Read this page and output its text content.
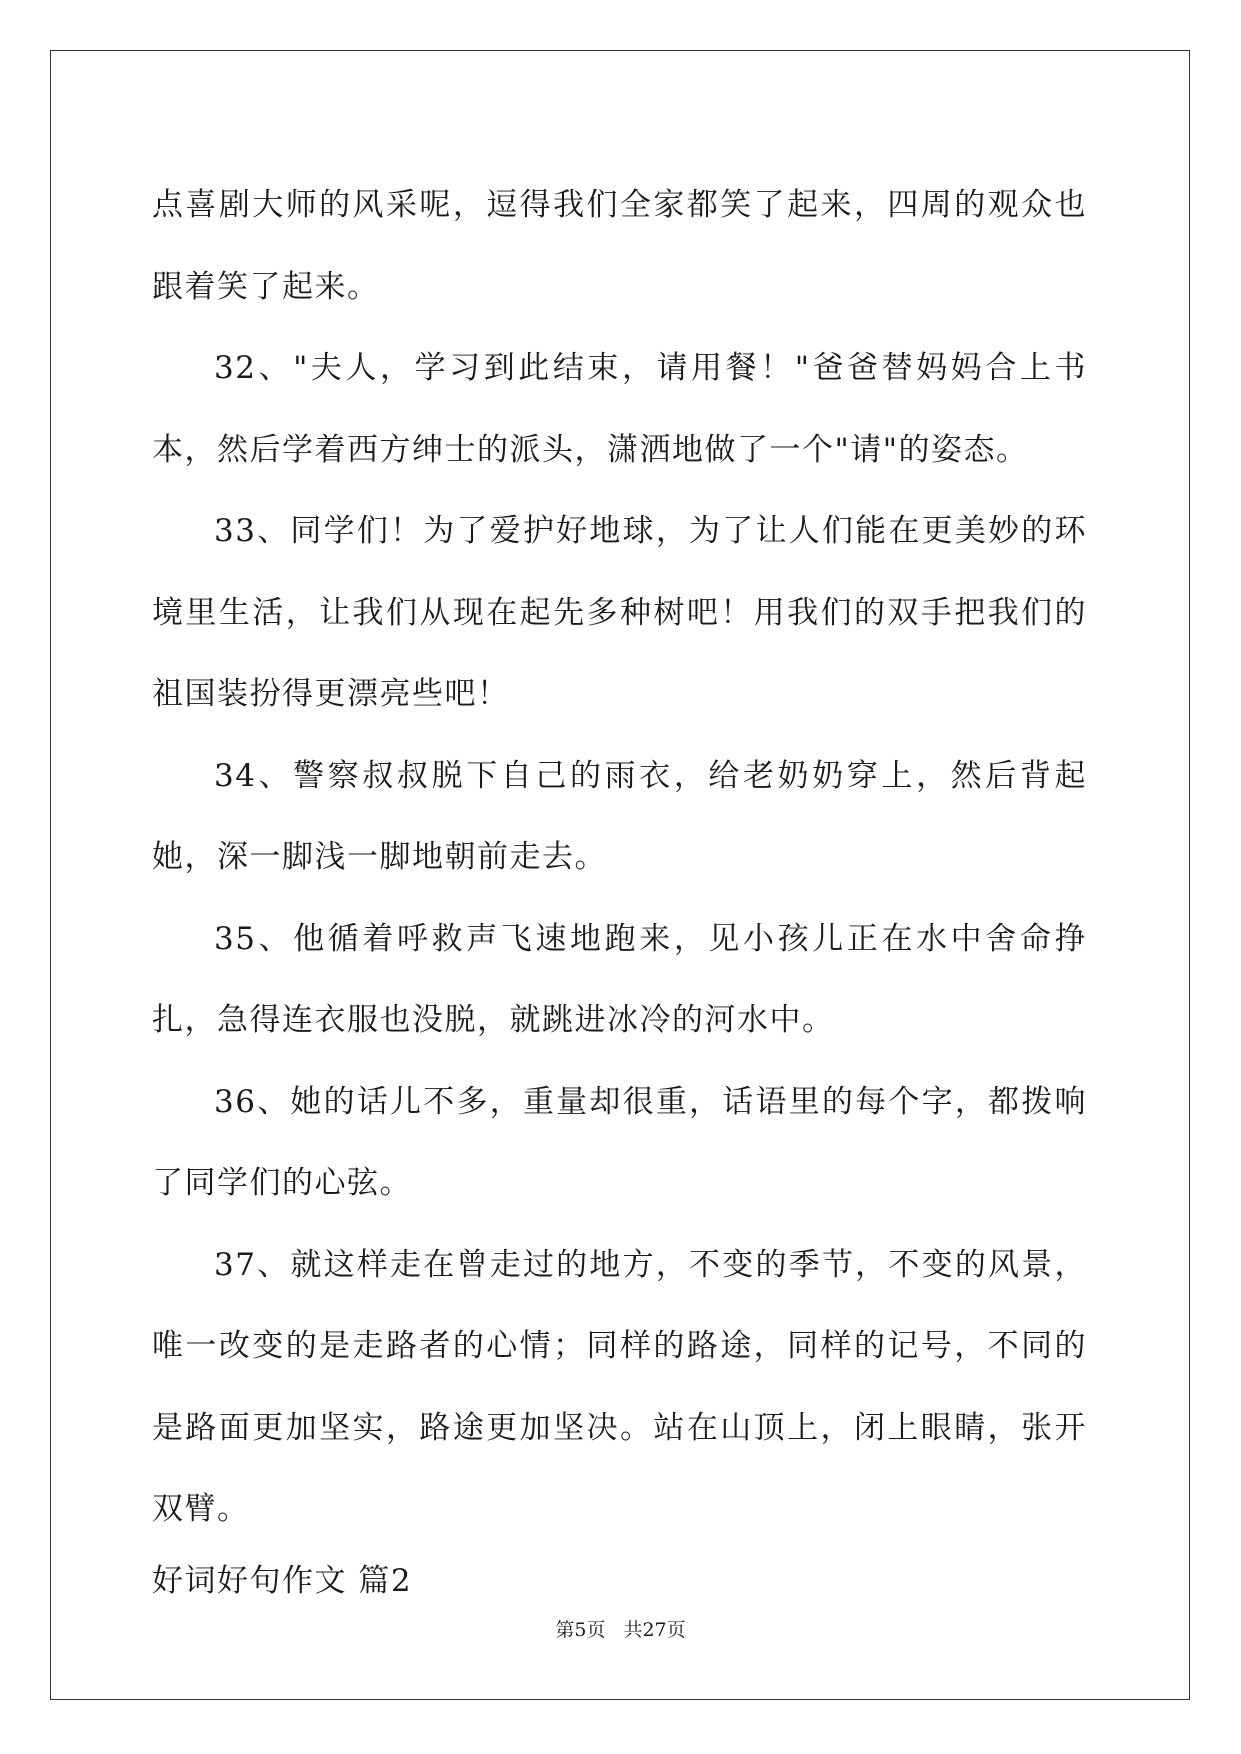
点喜剧大师的风采呢，逗得我们全家都笑了起来，四周的观众也跟着笑了起来。

32、"夫人，学习到此结束，请用餐！"爸爸替妈妈合上书本，然后学着西方绅士的派头，潇洒地做了一个"请"的姿态。

33、同学们！为了爱护好地球，为了让人们能在更美妙的环境里生活，让我们从现在起先多种树吧！用我们的双手把我们的祖国装扮得更漂亮些吧！

34、警察叔叔脱下自己的雨衣，给老奶奶穿上，然后背起她，深一脚浅一脚地朝前走去。

35、他循着呼救声飞速地跑来，见小孩儿正在水中舍命挣扎，急得连衣服也没脱，就跳进冰冷的河水中。

36、她的话儿不多，重量却很重，话语里的每个字，都拨响了同学们的心弦。

37、就这样走在曾走过的地方，不变的季节，不变的风景，唯一改变的是走路者的心情；同样的路途，同样的记号，不同的是路面更加坚实，路途更加坚决。站在山顶上，闭上眼睛，张开双臂。

好词好句作文 篇2

第5页 共27页
